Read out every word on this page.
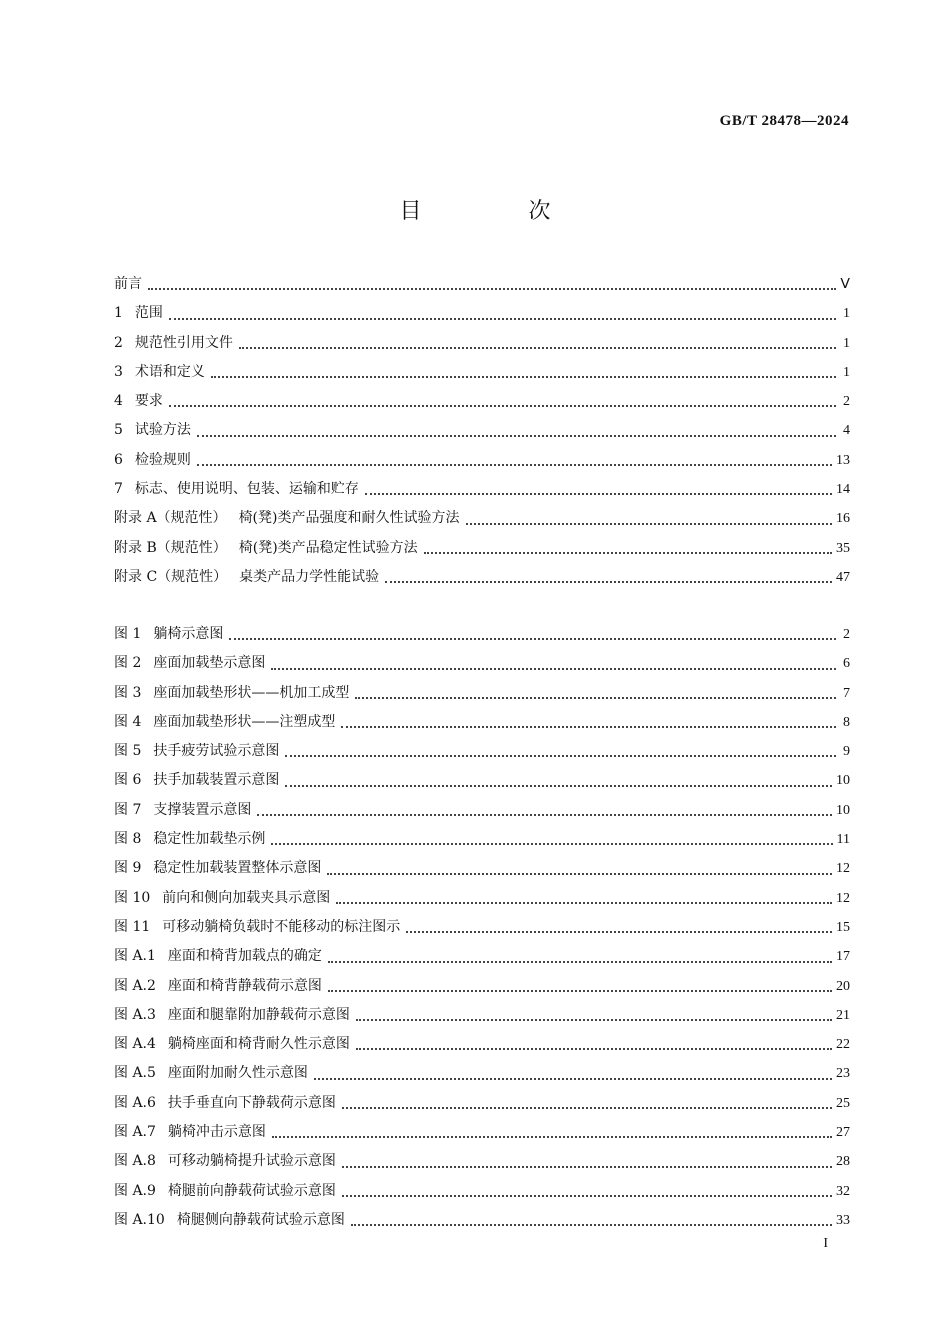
GB/T 28478—2024
目 次
前言	Ⅴ
1 范围	1
2 规范性引用文件	1
3 术语和定义	1
4 要求	2
5 试验方法	4
6 检验规则	13
7 标志、使用说明、包装、运输和贮存	14
附录 A（规范性） 椅(凳)类产品强度和耐久性试验方法	16
附录 B（规范性） 椅(凳)类产品稳定性试验方法	35
附录 C（规范性） 桌类产品力学性能试验	47
图 1 躺椅示意图	2
图 2 座面加载垫示意图	6
图 3 座面加载垫形状——机加工成型	7
图 4 座面加载垫形状——注塑成型	8
图 5 扶手疲劳试验示意图	9
图 6 扶手加载装置示意图	10
图 7 支撑装置示意图	10
图 8 稳定性加载垫示例	11
图 9 稳定性加载装置整体示意图	12
图 10 前向和侧向加载夹具示意图	12
图 11 可移动躺椅负载时不能移动的标注图示	15
图 A.1 座面和椅背加载点的确定	17
图 A.2 座面和椅背静载荷示意图	20
图 A.3 座面和腿靠附加静载荷示意图	21
图 A.4 躺椅座面和椅背耐久性示意图	22
图 A.5 座面附加耐久性示意图	23
图 A.6 扶手垂直向下静载荷示意图	25
图 A.7 躺椅冲击示意图	27
图 A.8 可移动躺椅提升试验示意图	28
图 A.9 椅腿前向静载荷试验示意图	32
图 A.10 椅腿侧向静载荷试验示意图	33
I
